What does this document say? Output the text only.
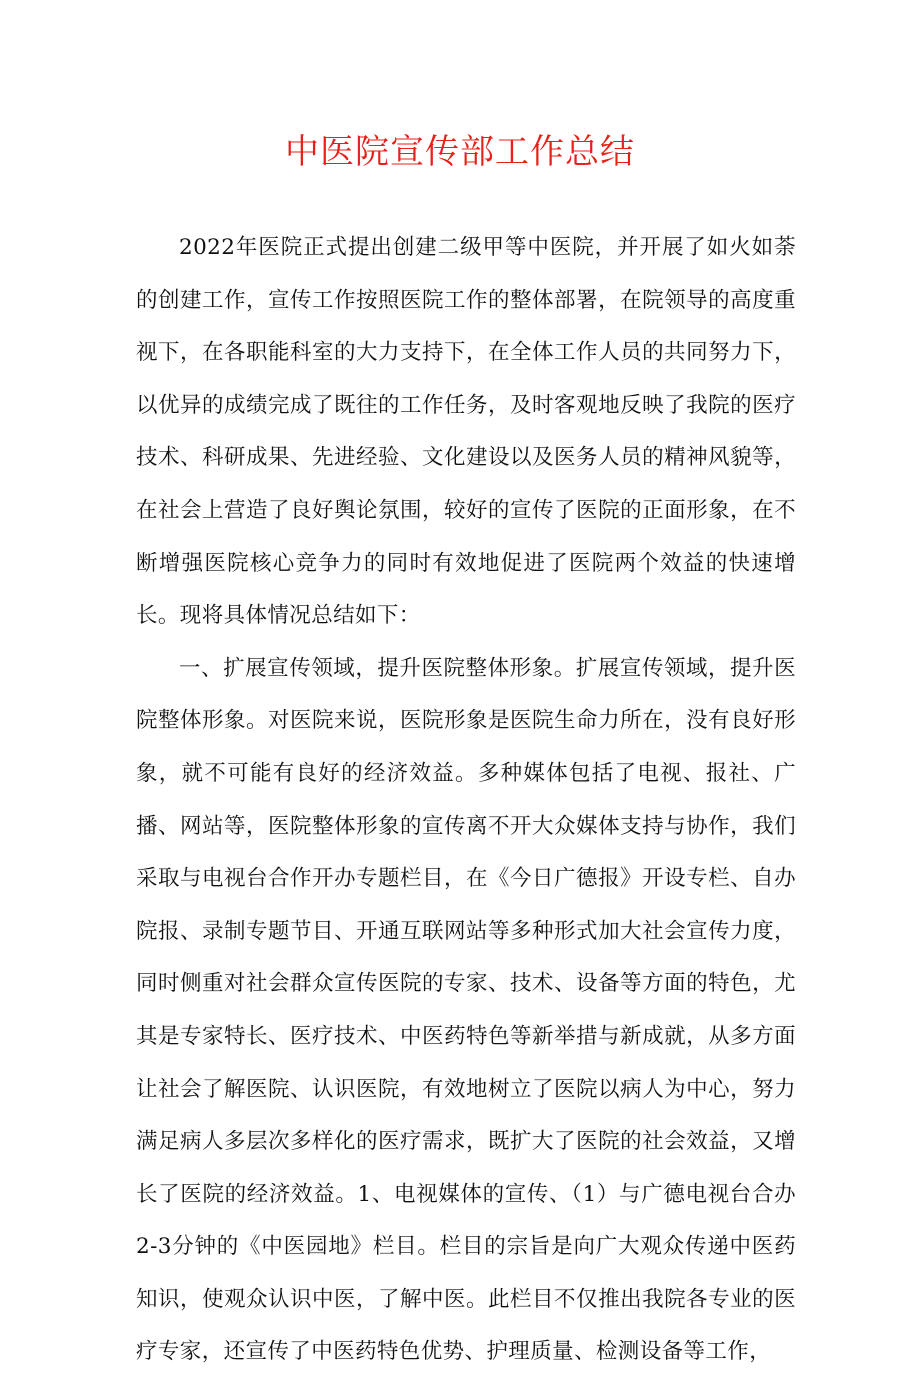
中医院宣传部工作总结

2022年医院正式提出创建二级甲等中医院，并开展了如火如荼的创建工作，宣传工作按照医院工作的整体部署，在院领导的高度重视下，在各职能科室的大力支持下，在全体工作人员的共同努力下，以优异的成绩完成了既往的工作任务，及时客观地反映了我院的医疗技术、科研成果、先进经验、文化建设以及医务人员的精神风貌等，在社会上营造了良好舆论氛围，较好的宣传了医院的正面形象，在不断增强医院核心竞争力的同时有效地促进了医院两个效益的快速增长。现将具体情况总结如下：

一、扩展宣传领域，提升医院整体形象。扩展宣传领域，提升医院整体形象。对医院来说，医院形象是医院生命力所在，没有良好形象，就不可能有良好的经济效益。多种媒体包括了电视、报社、广播、网站等，医院整体形象的宣传离不开大众媒体支持与协作，我们采取与电视台合作开办专题栏目，在《今日广德报》开设专栏、自办院报、录制专题节目、开通互联网站等多种形式加大社会宣传力度，同时侧重对社会群众宣传医院的专家、技术、设备等方面的特色，尤其是专家特长、医疗技术、中医药特色等新举措与新成就，从多方面让社会了解医院、认识医院，有效地树立了医院以病人为中心，努力满足病人多层次多样化的医疗需求，既扩大了医院的社会效益，又增长了医院的经济效益。1、电视媒体的宣传、（1）与广德电视台合办2-3分钟的《中医园地》栏目。栏目的宗旨是向广大观众传递中医药知识，使观众认识中医，了解中医。此栏目不仅推出我院各专业的医疗专家，还宣传了中医药特色优势、护理质量、检测设备等工作，
